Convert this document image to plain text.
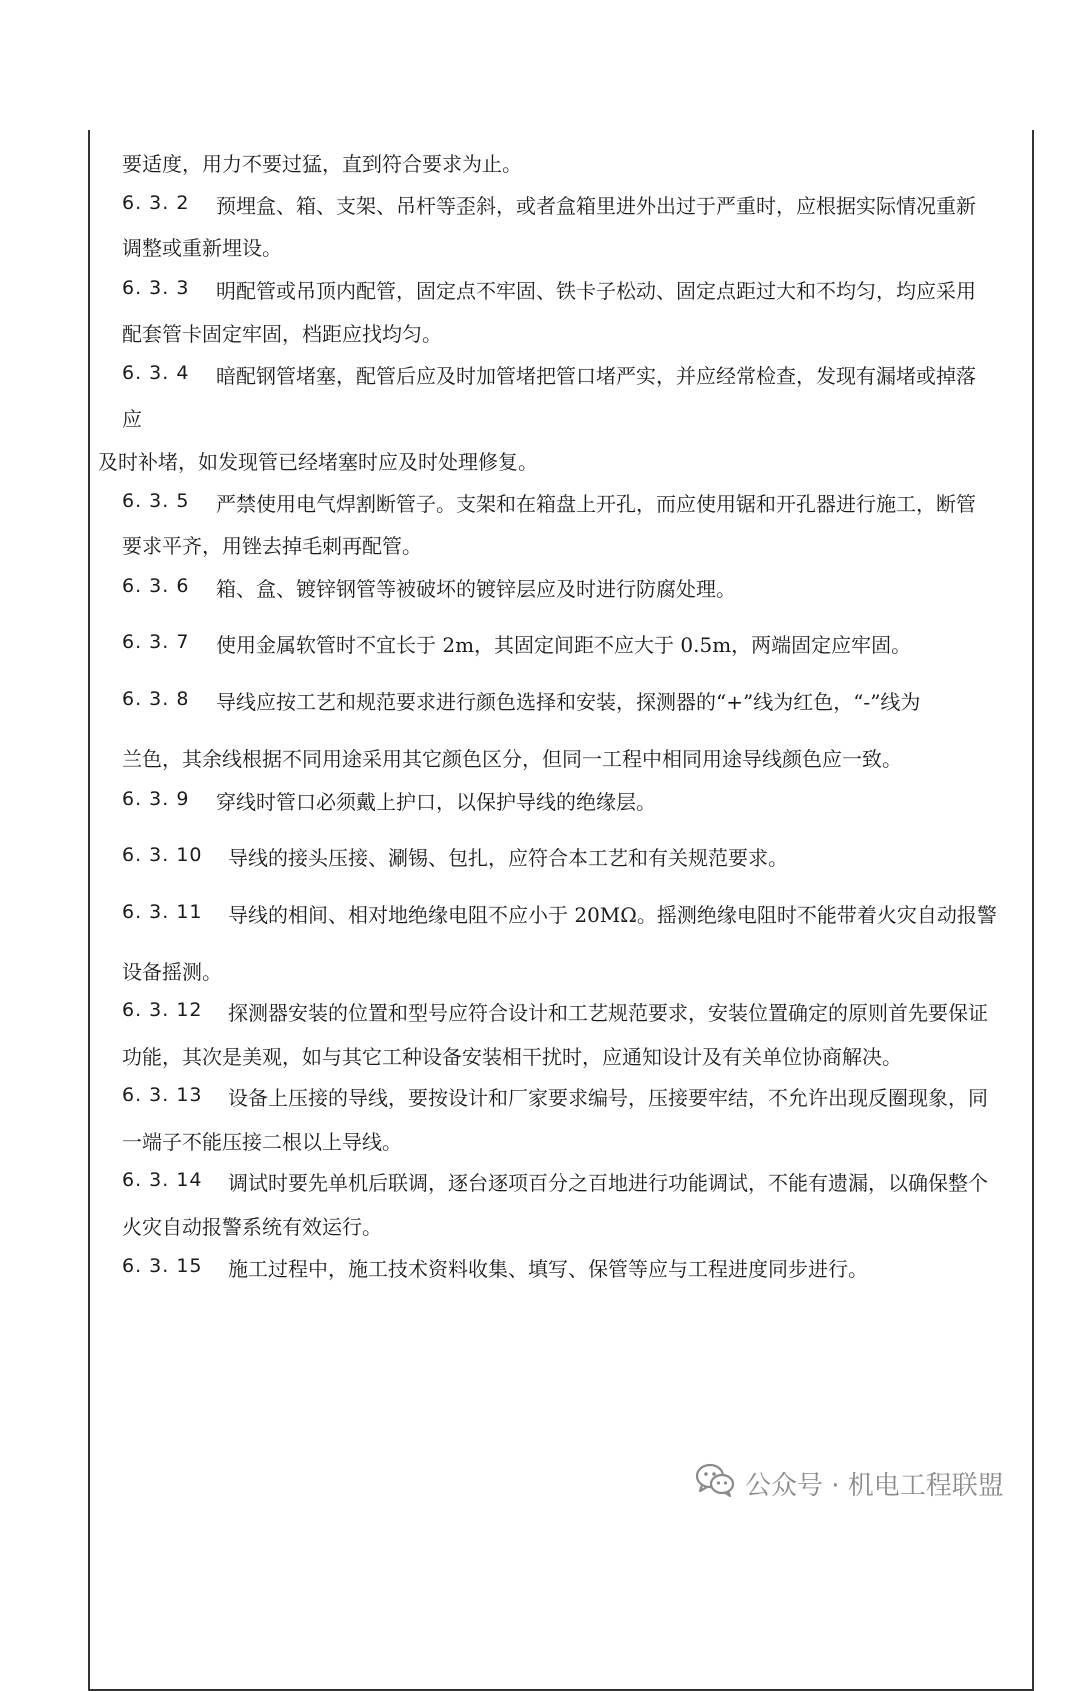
要适度，用力不要过猛，直到符合要求为止。
6. 3. 2 预埋盒、箱、支架、吊杆等歪斜，或者盒箱里进外出过于严重时，应根据实际情况重新
调整或重新埋设。
6. 3. 3 明配管或吊顶内配管，固定点不牢固、铁卡子松动、固定点距过大和不均匀，均应采用
配套管卡固定牢固，档距应找均匀。
6. 3. 4 暗配钢管堵塞，配管后应及时加管堵把管口堵严实，并应经常检查，发现有漏堵或掉落
应
及时补堵，如发现管已经堵塞时应及时处理修复。
6. 3. 5 严禁使用电气焊割断管子。支架和在箱盘上开孔，而应使用锯和开孔器进行施工，断管
要求平齐，用锉去掉毛刺再配管。
6. 3. 6 箱、盒、镀锌钢管等被破坏的镀锌层应及时进行防腐处理。
6. 3. 7 使用金属软管时不宜长于 2m，其固定间距不应大于 0.5m，两端固定应牢固。
6. 3. 8 导线应按工艺和规范要求进行颜色选择和安装，探测器的“+”线为红色，“-”线为
兰色，其余线根据不同用途采用其它颜色区分，但同一工程中相同用途导线颜色应一致。
6. 3. 9 穿线时管口必须戴上护口，以保护导线的绝缘层。
6. 3. 10 导线的接头压接、涮锡、包扎，应符合本工艺和有关规范要求。
6. 3. 11 导线的相间、相对地绝缘电阻不应小于 20MΩ。摇测绝缘电阻时不能带着火灾自动报警
设备摇测。
6. 3. 12 探测器安装的位置和型号应符合设计和工艺规范要求，安装位置确定的原则首先要保证
功能，其次是美观，如与其它工种设备安装相干扰时，应通知设计及有关单位协商解决。
6. 3. 13 设备上压接的导线，要按设计和厂家要求编号，压接要牢结，不允许出现反圈现象，同
一端子不能压接二根以上导线。
6. 3. 14 调试时要先单机后联调，逐台逐项百分之百地进行功能调试，不能有遗漏，以确保整个
火灾自动报警系统有效运行。
6. 3. 15 施工过程中，施工技术资料收集、填写、保管等应与工程进度同步进行。
公众号 · 机电工程联盟
